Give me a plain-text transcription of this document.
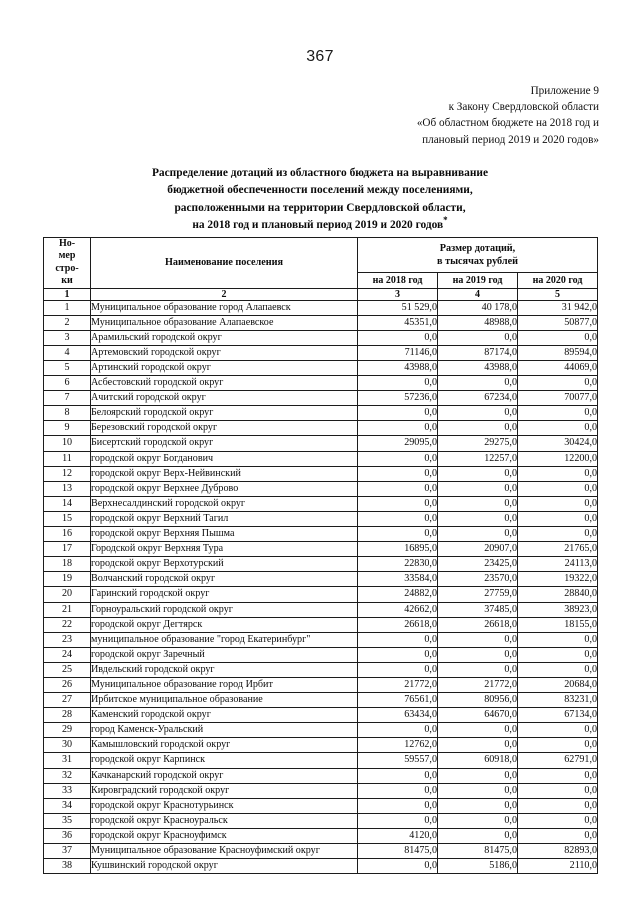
367
Приложение 9
к Закону Свердловской области
«Об областном бюджете на 2018 год и
плановый период 2019 и 2020 годов»
Распределение дотаций из областного бюджета на выравнивание
бюджетной обеспеченности поселений между поселениями,
расположенными на территории Свердловской области,
на 2018 год и плановый период 2019 и 2020 годов*
Но-
мер
стро-
ки
	Наименование поселения	
Размер дотаций,
в тысячах рублей

		на 2018 год	на 2019 год	на 2020 год
1	2	3	4	5
1	Муниципальное образование город Алапаевск	51 529,0	40 178,0	31 942,0
2	Муниципальное образование Алапаевское	45351,0	48988,0	50877,0
3	Арамильский городской округ	0,0	0,0	0,0
4	Артемовский городской округ	71146,0	87174,0	89594,0
5	Артинский городской округ	43988,0	43988,0	44069,0
6	Асбестовский городской округ	0,0	0,0	0,0
7	Ачитский городской округ	57236,0	67234,0	70077,0
8	Белоярский городской округ	0,0	0,0	0,0
9	Березовский городской округ	0,0	0,0	0,0
10	Бисертский городской округ	29095,0	29275,0	30424,0
11	городской округ Богданович	0,0	12257,0	12200,0
12	городской округ Верх-Нейвинский	0,0	0,0	0,0
13	городской округ Верхнее Дуброво	0,0	0,0	0,0
14	Верхнесалдинский городской округ	0,0	0,0	0,0
15	городской округ Верхний Тагил	0,0	0,0	0,0
16	городской округ Верхняя Пышма	0,0	0,0	0,0
17	Городской округ Верхняя Тура	16895,0	20907,0	21765,0
18	городской округ Верхотурский	22830,0	23425,0	24113,0
19	Волчанский городской округ	33584,0	23570,0	19322,0
20	Гаринский городской округ	24882,0	27759,0	28840,0
21	Горноуральский городской округ	42662,0	37485,0	38923,0
22	городской округ Дегтярск	26618,0	26618,0	18155,0
23	муниципальное образование "город Екатеринбург"	0,0	0,0	0,0
24	городской округ Заречный	0,0	0,0	0,0
25	Ивдельский городской округ	0,0	0,0	0,0
26	Муниципальное образование город Ирбит	21772,0	21772,0	20684,0
27	Ирбитское муниципальное образование	76561,0	80956,0	83231,0
28	Каменский городской округ	63434,0	64670,0	67134,0
29	город Каменск-Уральский	0,0	0,0	0,0
30	Камышловский городской округ	12762,0	0,0	0,0
31	городской округ Карпинск	59557,0	60918,0	62791,0
32	Качканарский городской округ	0,0	0,0	0,0
33	Кировградский городской округ	0,0	0,0	0,0
34	городской округ Краснотурьинск	0,0	0,0	0,0
35	городской округ Красноуральск	0,0	0,0	0,0
36	городской округ Красноуфимск	4120,0	0,0	0,0
37	Муниципальное образование Красноуфимский округ	81475,0	81475,0	82893,0
38	Кушвинский городской округ	0,0	5186,0	2110,0
